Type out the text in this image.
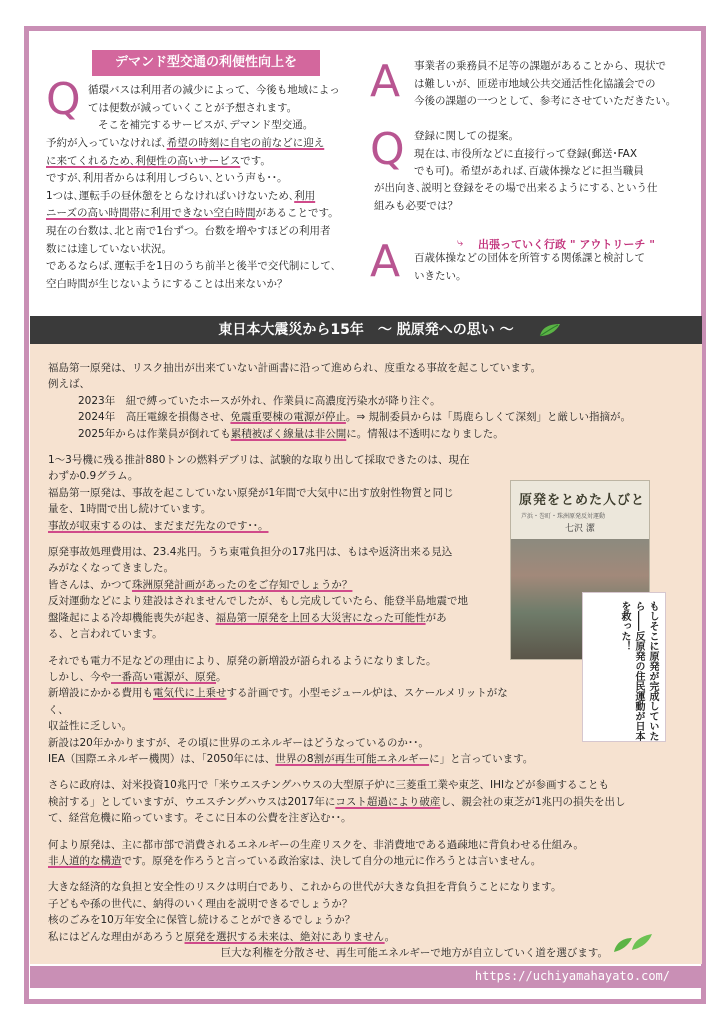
デマンド型交通の利便性向上を
Q 循環バスは利用者の減少によって、今後も地域によっ

ては便数が減っていくことが予想されます。

そこを補完するサービスが､デマンド型交通。

予約が入っていなければ､希望の時刻に自宅の前などに迎え

に来てくれるため､利便性の高いサービスです。

ですが､利用者からは利用しづらい､という声も･･。

1つは､運転手の昼休憩をとらなければいけないため､利用

ニーズの高い時間帯に利用できない空白時間があることです。

現在の台数は､北と南で1台ずつ。台数を増やすほどの利用者

数には達していない状況。

であるならば､運転手を1日のうち前半と後半で交代制にして､

空白時間が生じないようにすることは出来ないか？

A 事業者の乗務員不足等の課題があることから、現状で

は難しいが、匝瑳市地域公共交通活性化協議会での

今後の課題の一つとして、参考にさせていただきたい。

Q 登録に関しての提案。

現在は､市役所などに直接行って登録(郵送･FAX

でも可)。希望があれば､百歳体操などに担当職員

が出向き､説明と登録をその場で出来るようにする､という仕

組みも必要では？

⤷ 出張っていく行政 " アウトリーチ "
A 百歳体操などの団体を所管する関係課と検討して

いきたい。

東日本大震災から15年　～ 脱原発への思い ～

福島第一原発は、リスク抽出が出来ていない計画書に沿って進められ、度重なる事故を起こしています。

例えば、

2023年　紐で縛っていたホースが外れ、作業員に高濃度汚染水が降り注ぐ。

2024年　高圧電線を損傷させ、免震重要棟の電源が停止。⇒ 規制委員からは「馬鹿らしくて深刻」と厳しい指摘が。

2025年からは作業員が倒れても累積被ばく線量は非公開に。情報は不透明になりました。

1～3号機に残る推計880トンの燃料デブリは、試験的な取り出して採取できたのは、現在

わずか0.9グラム。

福島第一原発は、事故を起こしていない原発が1年間で大気中に出す放射性物質と同じ

量を、1時間で出し続けています。

事故が収束するのは、まだまだ先なのです･･。

原発事故処理費用は、23.4兆円。うち東電負担分の17兆円は、もはや返済出来る見込

みがなくなってきました。

皆さんは、かつて珠洲原発計画があったのをご存知でしょうか？

反対運動などにより建設はされませんでしたが、もし完成していたら、能登半島地震で地

盤隆起による冷却機能喪失が起き、福島第一原発を上回る大災害になった可能性があ

る、と言われています。

それでも電力不足などの理由により、原発の新増設が語られるようになりました。

しかし、今や一番高い電源が、原発。

新増設にかかる費用も電気代に上乗せする計画です。小型モジュール炉は、スケールメリットがなく、

収益性に乏しい。

新設は20年かかりますが、その頃に世界のエネルギーはどうなっているのか･･。

IEA（国際エネルギー機関）は、「2050年には、世界の8割が再生可能エネルギーに」と言っています。

さらに政府は、対米投資10兆円で「米ウエスチングハウスの大型原子炉に三菱重工業や東芝、IHIなどが参画することも

検討する」としていますが、ウエスチングハウスは2017年にコスト超過により破産し、親会社の東芝が1兆円の損失を出し

て、経営危機に陥っています。そこに日本の公費を注ぎ込む･･。

何より原発は、主に都市部で消費されるエネルギーの生産リスクを、非消費地である過疎地に背負わせる仕組み。

非人道的な構造です。原発を作ろうと言っている政治家は、決して自分の地元に作ろうとは言いません。

大きな経済的な負担と安全性のリスクは明白であり、これからの世代が大きな負担を背負うことになります。

子どもや孫の世代に、納得のいく理由を説明できるでしょうか？

核のごみを10万年安全に保管し続けることができるでしょうか？

私にはどんな理由があろうと原発を選択する未来は、絶対にありません。

巨大な利権を分散させ、再生可能エネルギーで地方が自立していく道を選びます。

原発をとめた人びと
芦浜・巻町・珠洲原発反対運動
七沢 潔
もしそこに原発が完成していたら――反原発の住民運動が日本を救った！
https://uchiyamahayato.com/
